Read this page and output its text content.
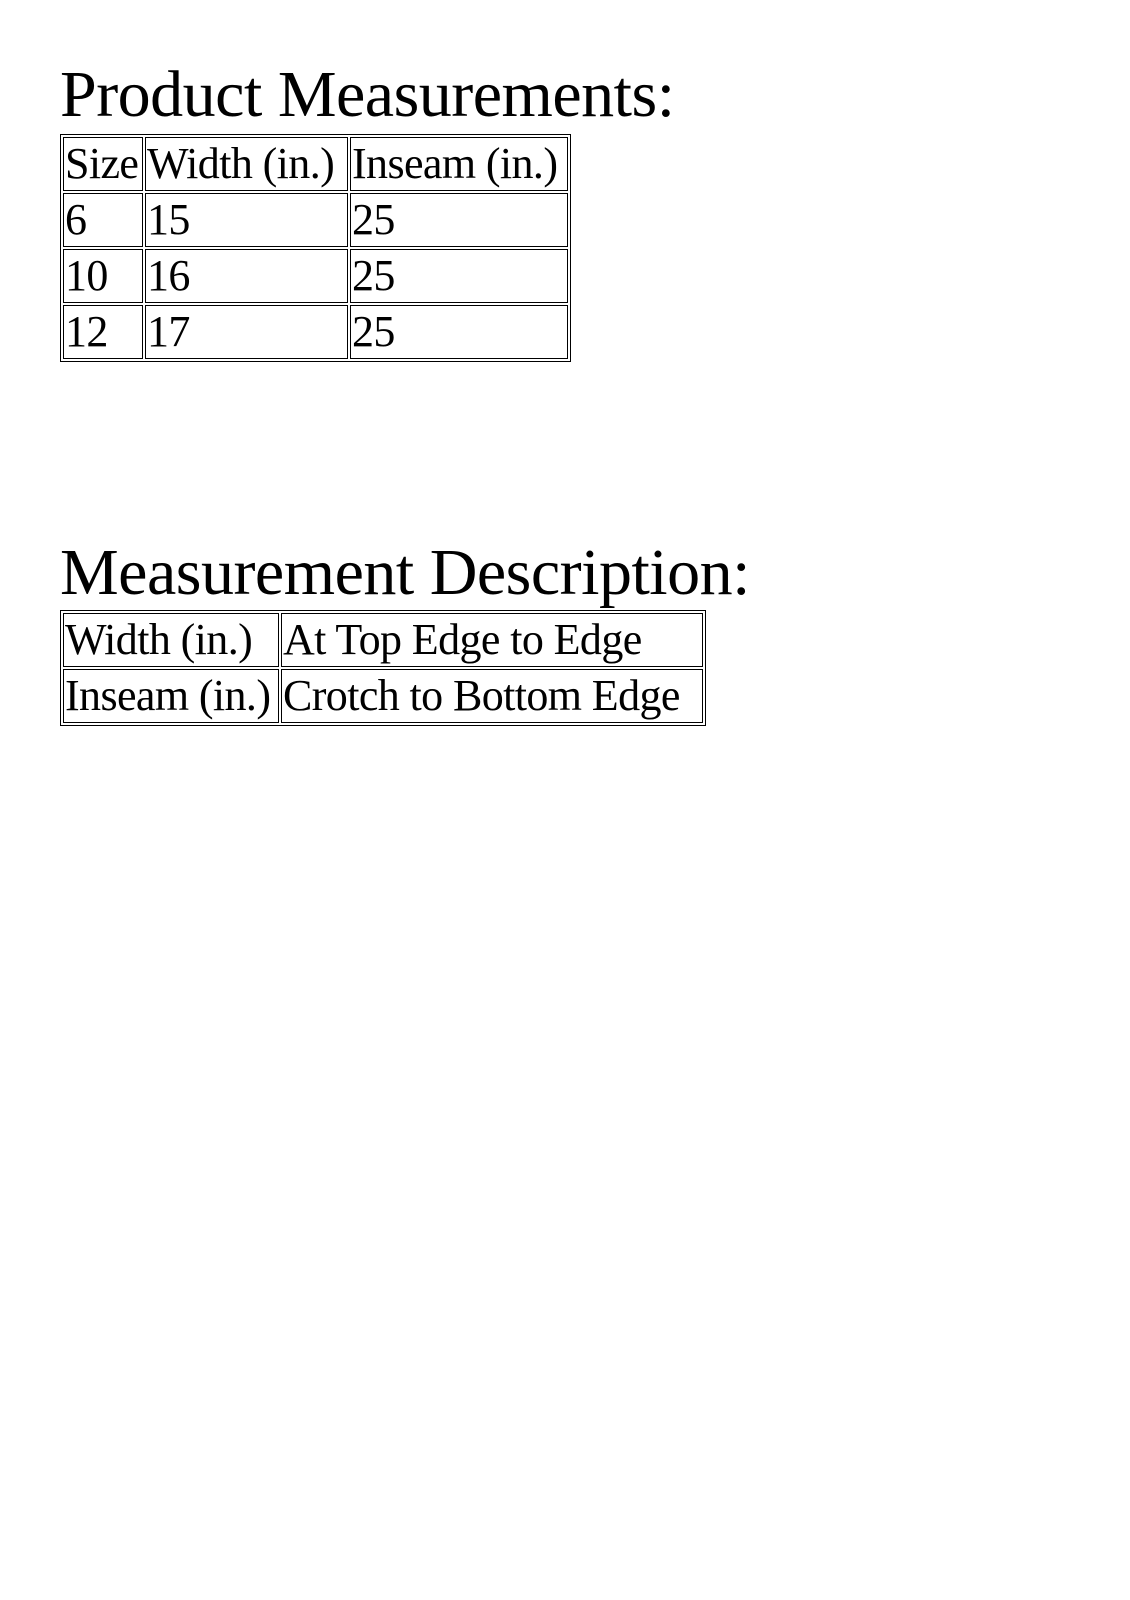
Product Measurements:
Size	Width (in.)	Inseam (in.)
6	15	25
10	16	25
12	17	25
Measurement Description:
Width (in.)	At Top Edge to Edge
Inseam (in.)	Crotch to Bottom Edge
